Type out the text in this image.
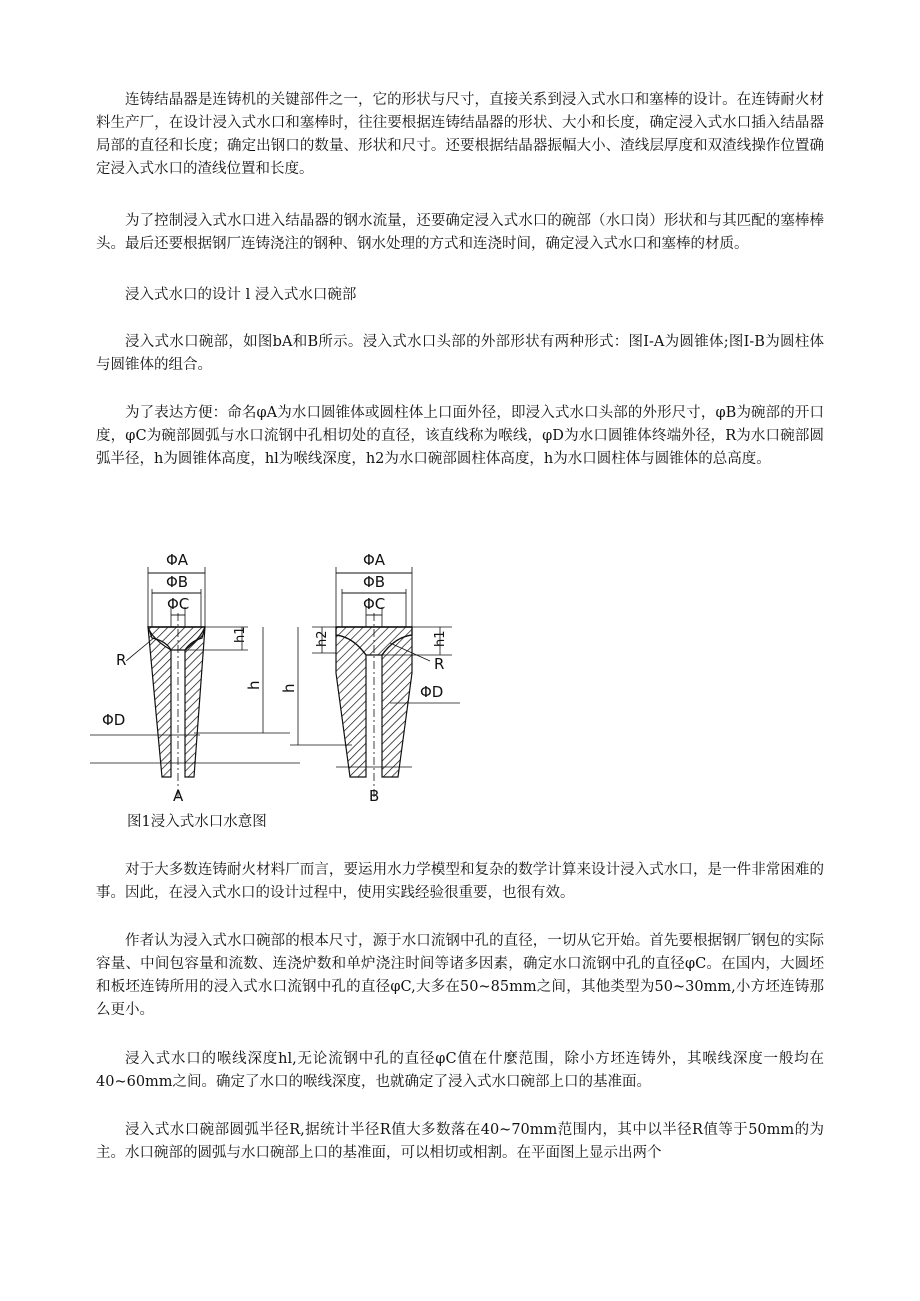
连铸结晶器是连铸机的关键部件之一，它的形状与尺寸，直接关系到浸入式水口和塞棒的设计。在连铸耐火材料生产厂，在设计浸入式水口和塞棒时，往往要根据连铸结晶器的形状、大小和长度，确定浸入式水口插入结晶器局部的直径和长度；确定出钢口的数量、形状和尺寸。还要根据结晶器振幅大小、渣线层厚度和双渣线操作位置确定浸入式水口的渣线位置和长度。

为了控制浸入式水口进入结晶器的钢水流量，还要确定浸入式水口的碗部（水口岗）形状和与其匹配的塞棒棒头。最后还要根据钢厂连铸浇注的钢种、钢水处理的方式和连浇时间，确定浸入式水口和塞棒的材质。

浸入式水口的设计 l 浸入式水口碗部

浸入式水口碗部，如图bA和B所示。浸入式水口头部的外部形状有两种形式：图I-A为圆锥体;图I-B为圆柱体与圆锥体的组合。

为了表达方便：命名φA为水口圆锥体或圆柱体上口面外径，即浸入式水口头部的外形尺寸，φB为碗部的开口度，φC为碗部圆弧与水口流钢中孔相切处的直径，该直线称为喉线，φD为水口圆锥体终端外径，R为水口碗部圆弧半径，h为圆锥体高度，hl为喉线深度，h2为水口碗部圆柱体高度，h为水口圆柱体与圆锥体的总高度。

ΦA
ΦB
ΦC
h1
h
R
ΦD
A
ΦA
ΦB
ΦC
h2	h1
h
R
ΦD
B

图1浸入式水口水意图

对于大多数连铸耐火材料厂而言，要运用水力学模型和复杂的数学计算来设计浸入式水口，是一件非常困难的事。因此，在浸入式水口的设计过程中，使用实践经验很重要，也很有效。

作者认为浸入式水口碗部的根本尺寸，源于水口流钢中孔的直径，一切从它开始。首先要根据钢厂钢包的实际容量、中间包容量和流数、连浇炉数和单炉浇注时间等诸多因素，确定水口流钢中孔的直径φC。在国内，大圆坯和板坯连铸所用的浸入式水口流钢中孔的直径φC,大多在50~85mm之间，其他类型为50~30mm,小方坯连铸那么更小。

浸入式水口的喉线深度hl,无论流钢中孔的直径φC值在什麼范围，除小方坯连铸外，其喉线深度一般均在40~60mm之间。确定了水口的喉线深度，也就确定了浸入式水口碗部上口的基准面。

浸入式水口碗部圆弧半径R,据统计半径R值大多数落在40~70mm范围内，其中以半径R值等于50mm的为主。水口碗部的圆弧与水口碗部上口的基准面，可以相切或相割。在平面图上显示出两个
